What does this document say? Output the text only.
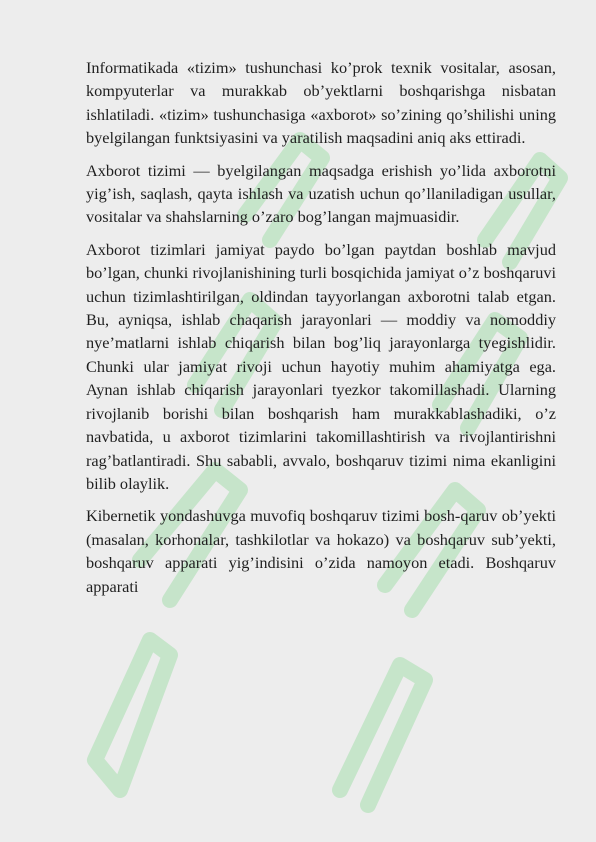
Informatikada «tizim» tushunchasi ko’prok texnik vositalar, asosan, kompyuterlar va murakkab ob’yektlarni boshqarishga nisbatan ishlatiladi. «tizim» tushunchasiga «axborot» so’zining qo’shilishi uning byelgilangan funktsiyasini va yaratilish maqsadini aniq aks ettiradi.

Axborot tizimi — byelgilangan maqsadga erishish yo’lida axborotni yig’ish, saqlash, qayta ishlash va uzatish uchun qo’llaniladigan usullar, vositalar va shahslarning o’zaro bog’langan majmuasidir.

Axborot tizimlari jamiyat paydo bo’lgan paytdan boshlab mavjud bo’lgan, chunki rivojlanishining turli bosqichida jamiyat o’z boshqaruvi uchun tizimlashtirilgan, oldindan tayyorlangan axborotni talab etgan. Bu, ayniqsa, ishlab chaqarish jarayonlari — moddiy va nomoddiy nye’matlarni ishlab chiqarish bilan bog’liq jarayonlarga tyegishlidir. Chunki ular jamiyat rivoji uchun hayotiy muhim ahamiyatga ega. Aynan ishlab chiqarish jarayonlari tyezkor takomillashadi. Ularning rivojlanib borishi bilan boshqarish ham murakkablashadiki, o’z navbatida, u axborot tizimlarini takomillashtirish va rivojlantirishni rag’batlantiradi. Shu sababli, avvalo, boshqaruv tizimi nima ekanligini bilib olaylik.

Kibernetik yondashuvga muvofiq boshqaruv tizimi bosh-qaruv ob’yekti (masalan, korhonalar, tashkilotlar va hokazo) va boshqaruv sub’yekti, boshqaruv apparati yig’indisini o’zida namoyon etadi. Boshqaruv apparati
